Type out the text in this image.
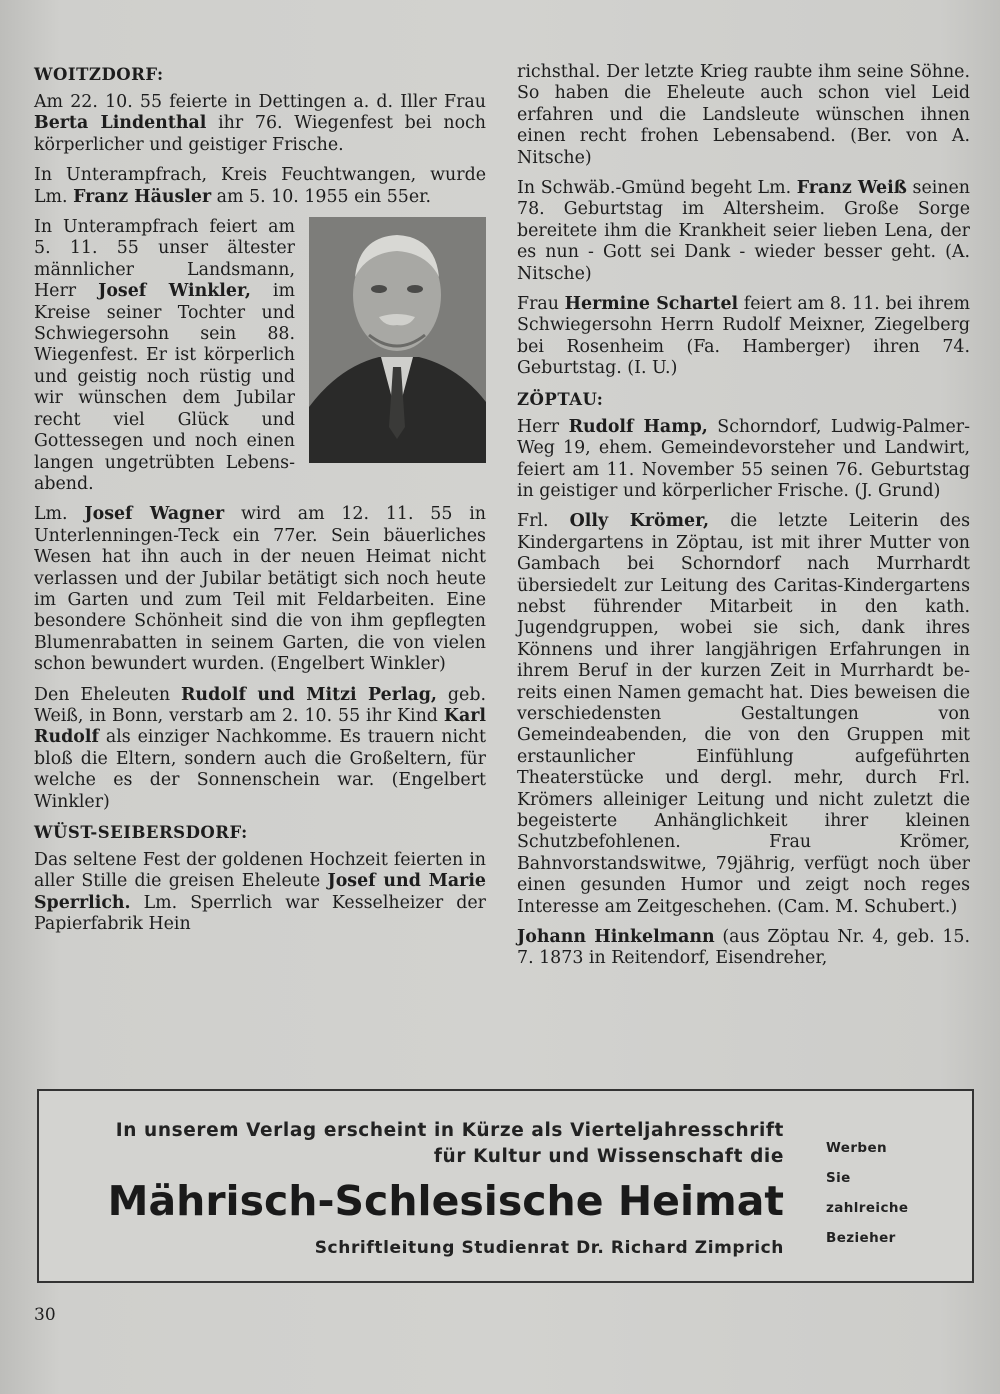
WOITZDORF:

Am 22. 10. 55 feierte in Dettingen a. d. Iller Frau Berta Lindenthal ihr 76. Wiegenfest bei noch körperlicher und geistiger Frische.

In Unterampfrach, Kreis Feuchtwangen, wurde Lm. Franz Häusler am 5. 10. 1955 ein 55er.

In Unterampfrach feiert am 5. 11. 55 unser ältester männlicher Landsmann, Herr Josef Winkler, im Kreise seiner Tochter und Schwiegersohn sein 88. Wiegenfest. Er ist körperlich und geistig noch rüstig und wir wünschen dem Jubilar recht viel Glück und Gottessegen und noch einen langen ungetrübten Lebensabend.

Lm. Josef Wagner wird am 12. 11. 55 in Unterlenningen-Teck ein 77er. Sein bäuerliches Wesen hat ihn auch in der neuen Heimat nicht verlassen und der Jubilar betätigt sich noch heute im Garten und zum Teil mit Feldarbeiten. Eine besondere Schönheit sind die von ihm gepflegten Blumenrabatten in seinem Garten, die von vielen schon bewundert wurden. (Engelbert Winkler)

Den Eheleuten Rudolf und Mitzi Perlag, geb. Weiß, in Bonn, verstarb am 2. 10. 55 ihr Kind Karl Rudolf als einziger Nachkomme. Es trauern nicht bloß die Eltern, sondern auch die Großeltern, für welche es der Sonnenschein war. (Engelbert Winkler)

WÜST-SEIBERSDORF:

Das seltene Fest der goldenen Hochzeit feierten in aller Stille die greisen Eheleute Josef und Marie Sperrlich. Lm. Sperrlich war Kesselheizer der Papierfabrik Hein

richsthal. Der letzte Krieg raubte ihm seine Söhne. So haben die Eheleute auch schon viel Leid erfahren und die Landsleute wünschen ihnen einen recht frohen Lebensabend. (Ber. von A. Nitsche)

In Schwäb.-Gmünd begeht Lm. Franz Weiß seinen 78. Geburtstag im Altersheim. Große Sorge bereitete ihm die Krankheit seier lieben Lena, der es nun - Gott sei Dank - wieder besser geht. (A. Nitsche)

Frau Hermine Schartel feiert am 8. 11. bei ihrem Schwiegersohn Herrn Rudolf Meixner, Ziegelberg bei Rosenheim (Fa. Hamberger) ihren 74. Geburtstag. (I. U.)

ZÖPTAU:

Herr Rudolf Hamp, Schorndorf, Ludwig-Palmer-Weg 19, ehem. Gemeindevorsteher und Landwirt, feiert am 11. November 55 seinen 76. Geburtstag in geistiger und körperlicher Frische. (J. Grund)

Frl. Olly Krömer, die letzte Leiterin des Kindergartens in Zöptau, ist mit ihrer Mutter von Gambach bei Schorndorf nach Murrhardt übersiedelt zur Leitung des Caritas-Kindergartens nebst führender Mitarbeit in den kath. Jugendgruppen, wobei sie sich, dank ihres Könnens und ihrer langjährigen Erfahrungen in ihrem Beruf in der kurzen Zeit in Murrhardt bereits einen Namen gemacht hat. Dies beweisen die verschiedensten Gestaltungen von Gemeindeabenden, die von den Gruppen mit erstaunlicher Einfühlung aufgeführten Theaterstücke und dergl. mehr, durch Frl. Krömers alleiniger Leitung und nicht zuletzt die begeisterte Anhänglichkeit ihrer kleinen Schutzbefohlenen. Frau Krömer, Bahnvorstandswitwe, 79jährig, verfügt noch über einen gesunden Humor und zeigt noch reges Interesse am Zeitgeschehen. (Cam. M. Schubert.)

Johann Hinkelmann (aus Zöptau Nr. 4, geb. 15. 7. 1873 in Reitendorf, Eisendreher,

In unserem Verlag erscheint in Kürze als Vierteljahresschrift
für Kultur und Wissenschaft die
Mährisch-Schlesische Heimat
Schriftleitung Studienrat Dr. Richard Zimprich
Werben
Sie
zahlreiche
Bezieher
30
